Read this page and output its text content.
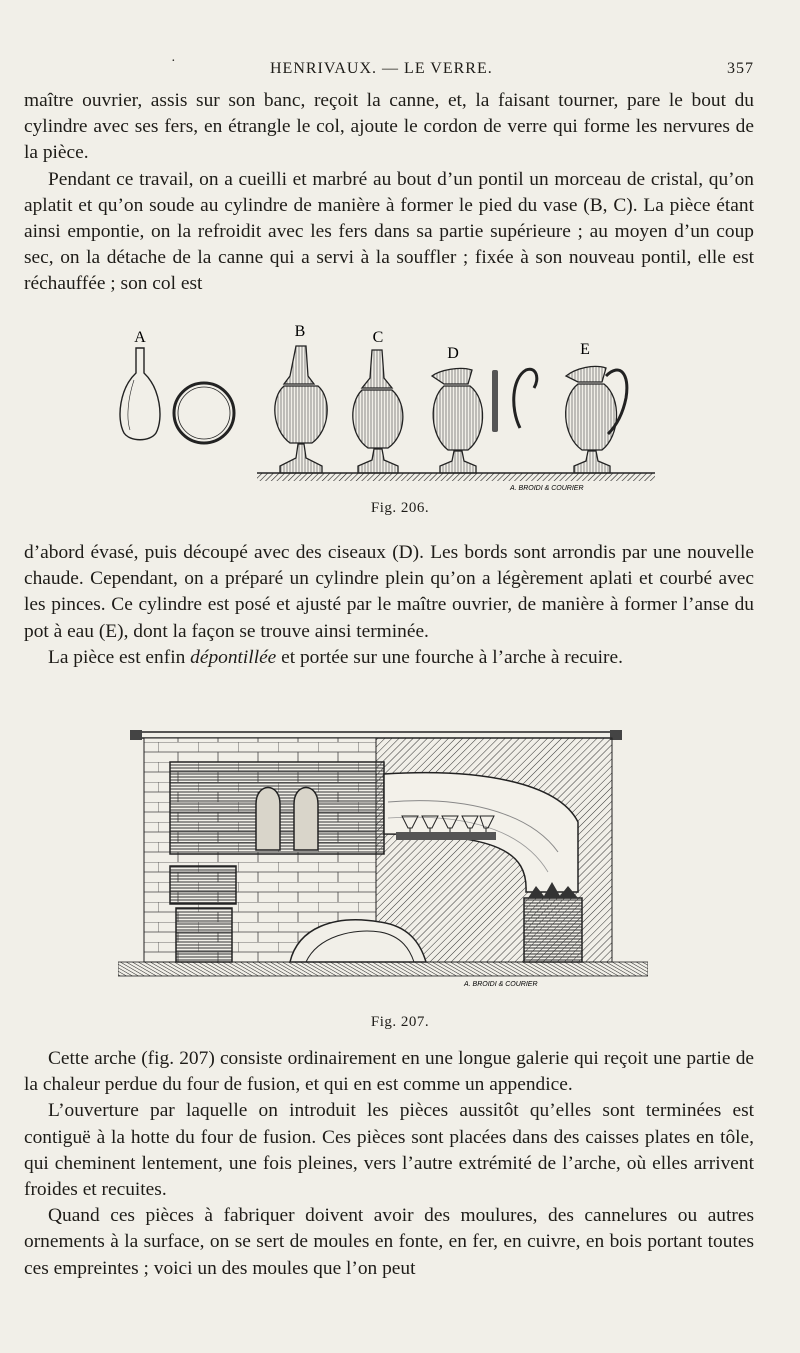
·	HENRIVAUX. — LE VERRE.	357

maître ouvrier, assis sur son banc, reçoit la canne, et, la faisant tourner, pare le bout du cylindre avec ses fers, en étrangle le col, ajoute le cordon de verre qui forme les nervures de la pièce.

Pendant ce travail, on a cueilli et marbré au bout d’un pontil un morceau de cristal, qu’on aplatit et qu’on soude au cylindre de manière à former le pied du vase (B, C). La pièce étant ainsi empontie, on la refroidit avec les fers dans sa partie supérieure ; au moyen d’un coup sec, on la détache de la canne qui a servi à la souffler ; fixée à son nouveau pontil, elle est réchauffée ; son col est

A	B	C
D	E
A. BROIDI & COURIER
Fig. 206.

d’abord évasé, puis découpé avec des ciseaux (D). Les bords sont arrondis par une nouvelle chaude. Cependant, on a préparé un cylindre plein qu’on a légèrement aplati et courbé avec les pinces. Ce cylindre est posé et ajusté par le maître ouvrier, de manière à former l’anse du pot à eau (E), dont la façon se trouve ainsi terminée.

La pièce est enfin dépontillée et portée sur une fourche à l’arche à recuire.

A. BROIDI & COURIER
Fig. 207.

Cette arche (fig. 207) consiste ordinairement en une longue galerie qui reçoit une partie de la chaleur perdue du four de fusion, et qui en est comme un appendice.

L’ouverture par laquelle on introduit les pièces aussitôt qu’elles sont terminées est contiguë à la hotte du four de fusion. Ces pièces sont placées dans des caisses plates en tôle, qui cheminent lentement, une fois pleines, vers l’autre extrémité de l’arche, où elles arrivent froides et recuites.

Quand ces pièces à fabriquer doivent avoir des moulures, des cannelures ou autres ornements à la surface, on se sert de moules en fonte, en fer, en cuivre, en bois portant toutes ces empreintes ; voici un des moules que l’on peut
